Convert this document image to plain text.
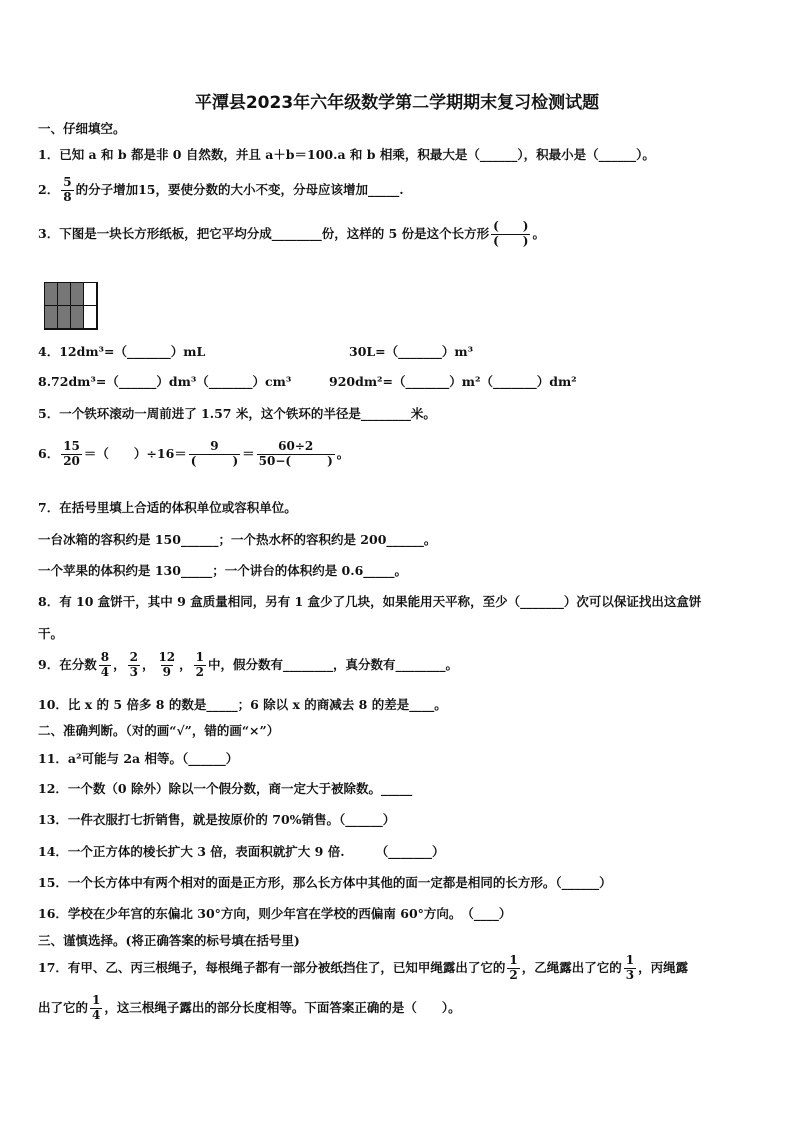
平潭县2023年六年级数学第二学期期末复习检测试题
一、仔细填空。
1．已知 a 和 b 都是非 0 自然数，并且 a＋b＝100.a 和 b 相乘，积最大是（______），积最小是（______）。
2． $\frac{5}{8}$ 的分子增加15，要使分数的大小不变，分母应该增加_____.
3．下图是一块长方形纸板，把它平均分成________份，这样的 5 份是这个长方形 $\frac{( )}{( )}$ 。
4．12dm³=（_______）mL	30L=（_______）m³
8.72dm³=（______）dm³（_______）cm³	920dm²=（_______）m²（_______）dm²
5．一个铁环滚动一周前进了 1.57 米，这个铁环的半径是________米。
6． $\frac{15}{20}$ ＝（　　）$\div 16= \frac{9}{( )} = \frac{60\div 2}{50-( )}$ 。
7．在括号里填上合适的体积单位或容积单位。
一台冰箱的容积约是 150______；一个热水杯的容积约是 200______。
一个苹果的体积约是 130_____；一个讲台的体积约是 0.6_____。
8．有 10 盒饼干，其中 9 盒质量相同，另有 1 盒少了几块，如果能用天平称，至少（_______）次可以保证找出这盒饼
干。
9．在分数 $\frac{8}{4}$ ， $\frac{2}{3}$ ， $\frac{12}{9}$ ， $\frac{1}{2}$ 中，假分数有________，真分数有________。
10．比 x 的 5 倍多 8 的数是_____；6 除以 x 的商减去 8 的差是____。
二、准确判断。（对的画“√”，错的画“×”）
11．a²可能与 2a 相等。（______）
12．一个数（0 除外）除以一个假分数，商一定大于被除数。_____
13．一件衣服打七折销售，就是按原价的 70%销售。（______）
14．一个正方体的棱长扩大 3 倍，表面积就扩大 9 倍.　　　（_______）
15．一个长方体中有两个相对的面是正方形，那么长方体中其他的面一定都是相同的长方形。（______）
16．学校在少年宫的东偏北 30°方向，则少年宫在学校的西偏南 60°方向。　（____）
三、谨慎选择。(将正确答案的标号填在括号里)
17．有甲、乙、丙三根绳子，每根绳子都有一部分被纸挡住了，已知甲绳露出了它的 $\frac{1}{2}$ ，乙绳露出了它的 $\frac{1}{3}$ ，丙绳露
出了它的 $\frac{1}{4}$ ，这三根绳子露出的部分长度相等。下面答案正确的是（　　）。
